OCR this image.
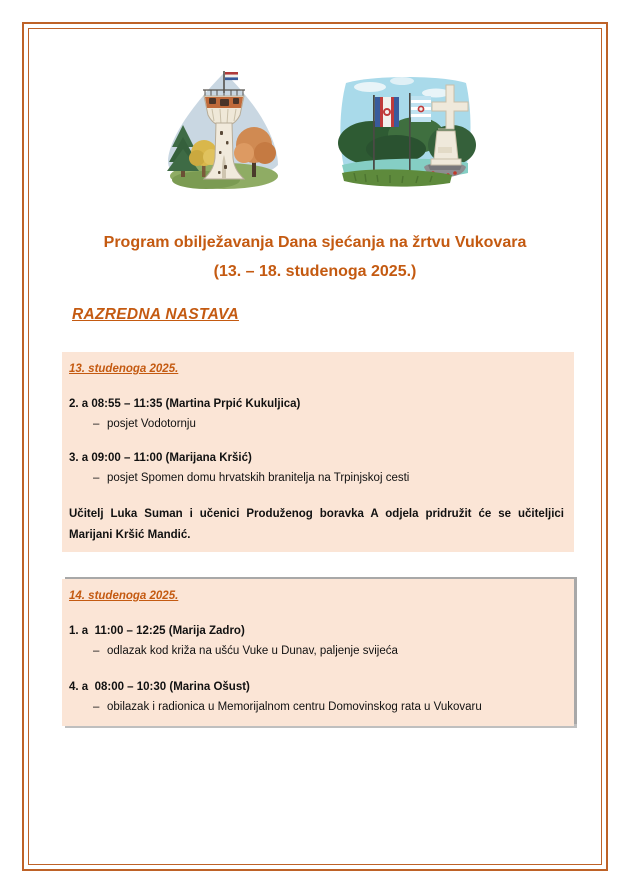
Program obilježavanja Dana sjećanja na žrtvu Vukovara
(13. – 18. studenoga 2025.)
RAZREDNA NASTAVA
13. studenoga 2025.
2. a 08:55 – 11:35 (Martina Prpić Kukuljica)
– posjet Vodotornju
3. a 09:00 – 11:00 (Marijana Kršić)
– posjet Spomen domu hrvatskih branitelja na Trpinjskoj cesti
Učitelj Luka Suman i učenici Produženog boravka A odjela pridružit će se učiteljici Marijani Kršić Mandić.
14. studenoga 2025.
1. a  11:00 – 12:25 (Marija Zadro)
– odlazak kod križa na ušću Vuke u Dunav, paljenje svijeća
4. a  08:00 – 10:30 (Marina Ošust)
– obilazak i radionica u Memorijalnom centru Domovinskog rata u Vukovaru
